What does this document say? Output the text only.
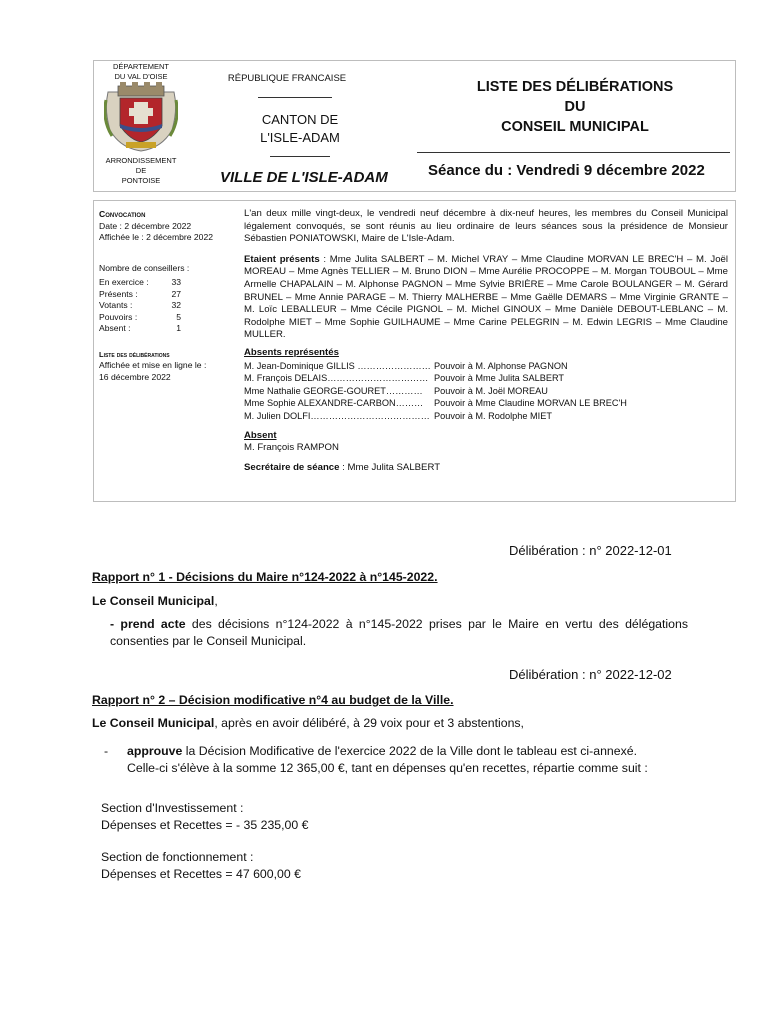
DÉPARTEMENT
DU VAL D'OISE
ARRONDISSEMENT
DE
PONTOISE
RÉPUBLIQUE FRANCAISE
CANTON DE
L'ISLE-ADAM
VILLE DE L'ISLE-ADAM
LISTE DES DÉLIBÉRATIONS
DU
CONSEIL MUNICIPAL
Séance du : Vendredi 9 décembre 2022
Convocation
Date : 2 décembre 2022
Affichée le : 2 décembre 2022
Nombre de conseillers :
En exercice :	33
Présents :	27
Votants :	32
Pouvoirs :	5
Absent :	1
Liste des délibérations
Affichée et mise en ligne le :
16 décembre 2022
L'an deux mille vingt-deux, le vendredi neuf décembre à dix-neuf heures, les membres du Conseil Municipal légalement convoqués, se sont réunis au lieu ordinaire de leurs séances sous la présidence de Monsieur Sébastien PONIATOWSKI, Maire de L'Isle-Adam.
Etaient présents : Mme Julita SALBERT – M. Michel VRAY – Mme Claudine MORVAN LE BREC'H – M. Joël MOREAU – Mme Agnès TELLIER – M. Bruno DION – Mme Aurélie PROCOPPE – M. Morgan TOUBOUL – Mme Armelle CHAPALAIN – M. Alphonse PAGNON – Mme Sylvie BRIÈRE – Mme Carole BOULANGER – M. Gérard BRUNEL – Mme Annie PARAGE – M. Thierry MALHERBE – Mme Gaëlle DEMARS – Mme Virginie GRANTE – M. Loïc LEBALLEUR – Mme Cécile PIGNOL – M. Michel GINOUX – Mme Danièle DEBOUT-LEBLANC – M. Rodolphe MIET – Mme Sophie GUILHAUME – Mme Carine PELEGRIN – M. Edwin LEGRIS – Mme Claudine MULLER.
Absents représentés
M. Jean-Dominique GILLIS …………………… Pouvoir à M. Alphonse PAGNON
M. François DELAIS…………………………… Pouvoir à Mme Julita SALBERT
Mme Nathalie GEORGE-GOURET…………	Pouvoir à M. Joël MOREAU
Mme Sophie ALEXANDRE-CARBON………	Pouvoir à Mme Claudine MORVAN LE BREC'H
M. Julien DOLFI………………………………… Pouvoir à M. Rodolphe MIET
Absent
M. François RAMPON
Secrétaire de séance : Mme Julita SALBERT
Délibération : n° 2022-12-01
Rapport n° 1 - Décisions du Maire n°124-2022 à n°145-2022.
Le Conseil Municipal,
- prend acte des décisions n°124-2022 à n°145-2022 prises par le Maire en vertu des délégations consenties par le Conseil Municipal.
Délibération : n° 2022-12-02
Rapport n° 2 – Décision modificative n°4 au budget de la Ville.
Le Conseil Municipal, après en avoir délibéré, à 29 voix pour et 3 abstentions,
- approuve la Décision Modificative de l'exercice 2022 de la Ville dont le tableau est ci-annexé. Celle-ci s'élève à la somme 12 365,00 €, tant en dépenses qu'en recettes, répartie comme suit :
Section d'Investissement :
Dépenses et Recettes = - 35 235,00 €
Section de fonctionnement :
Dépenses et Recettes = 47 600,00 €
